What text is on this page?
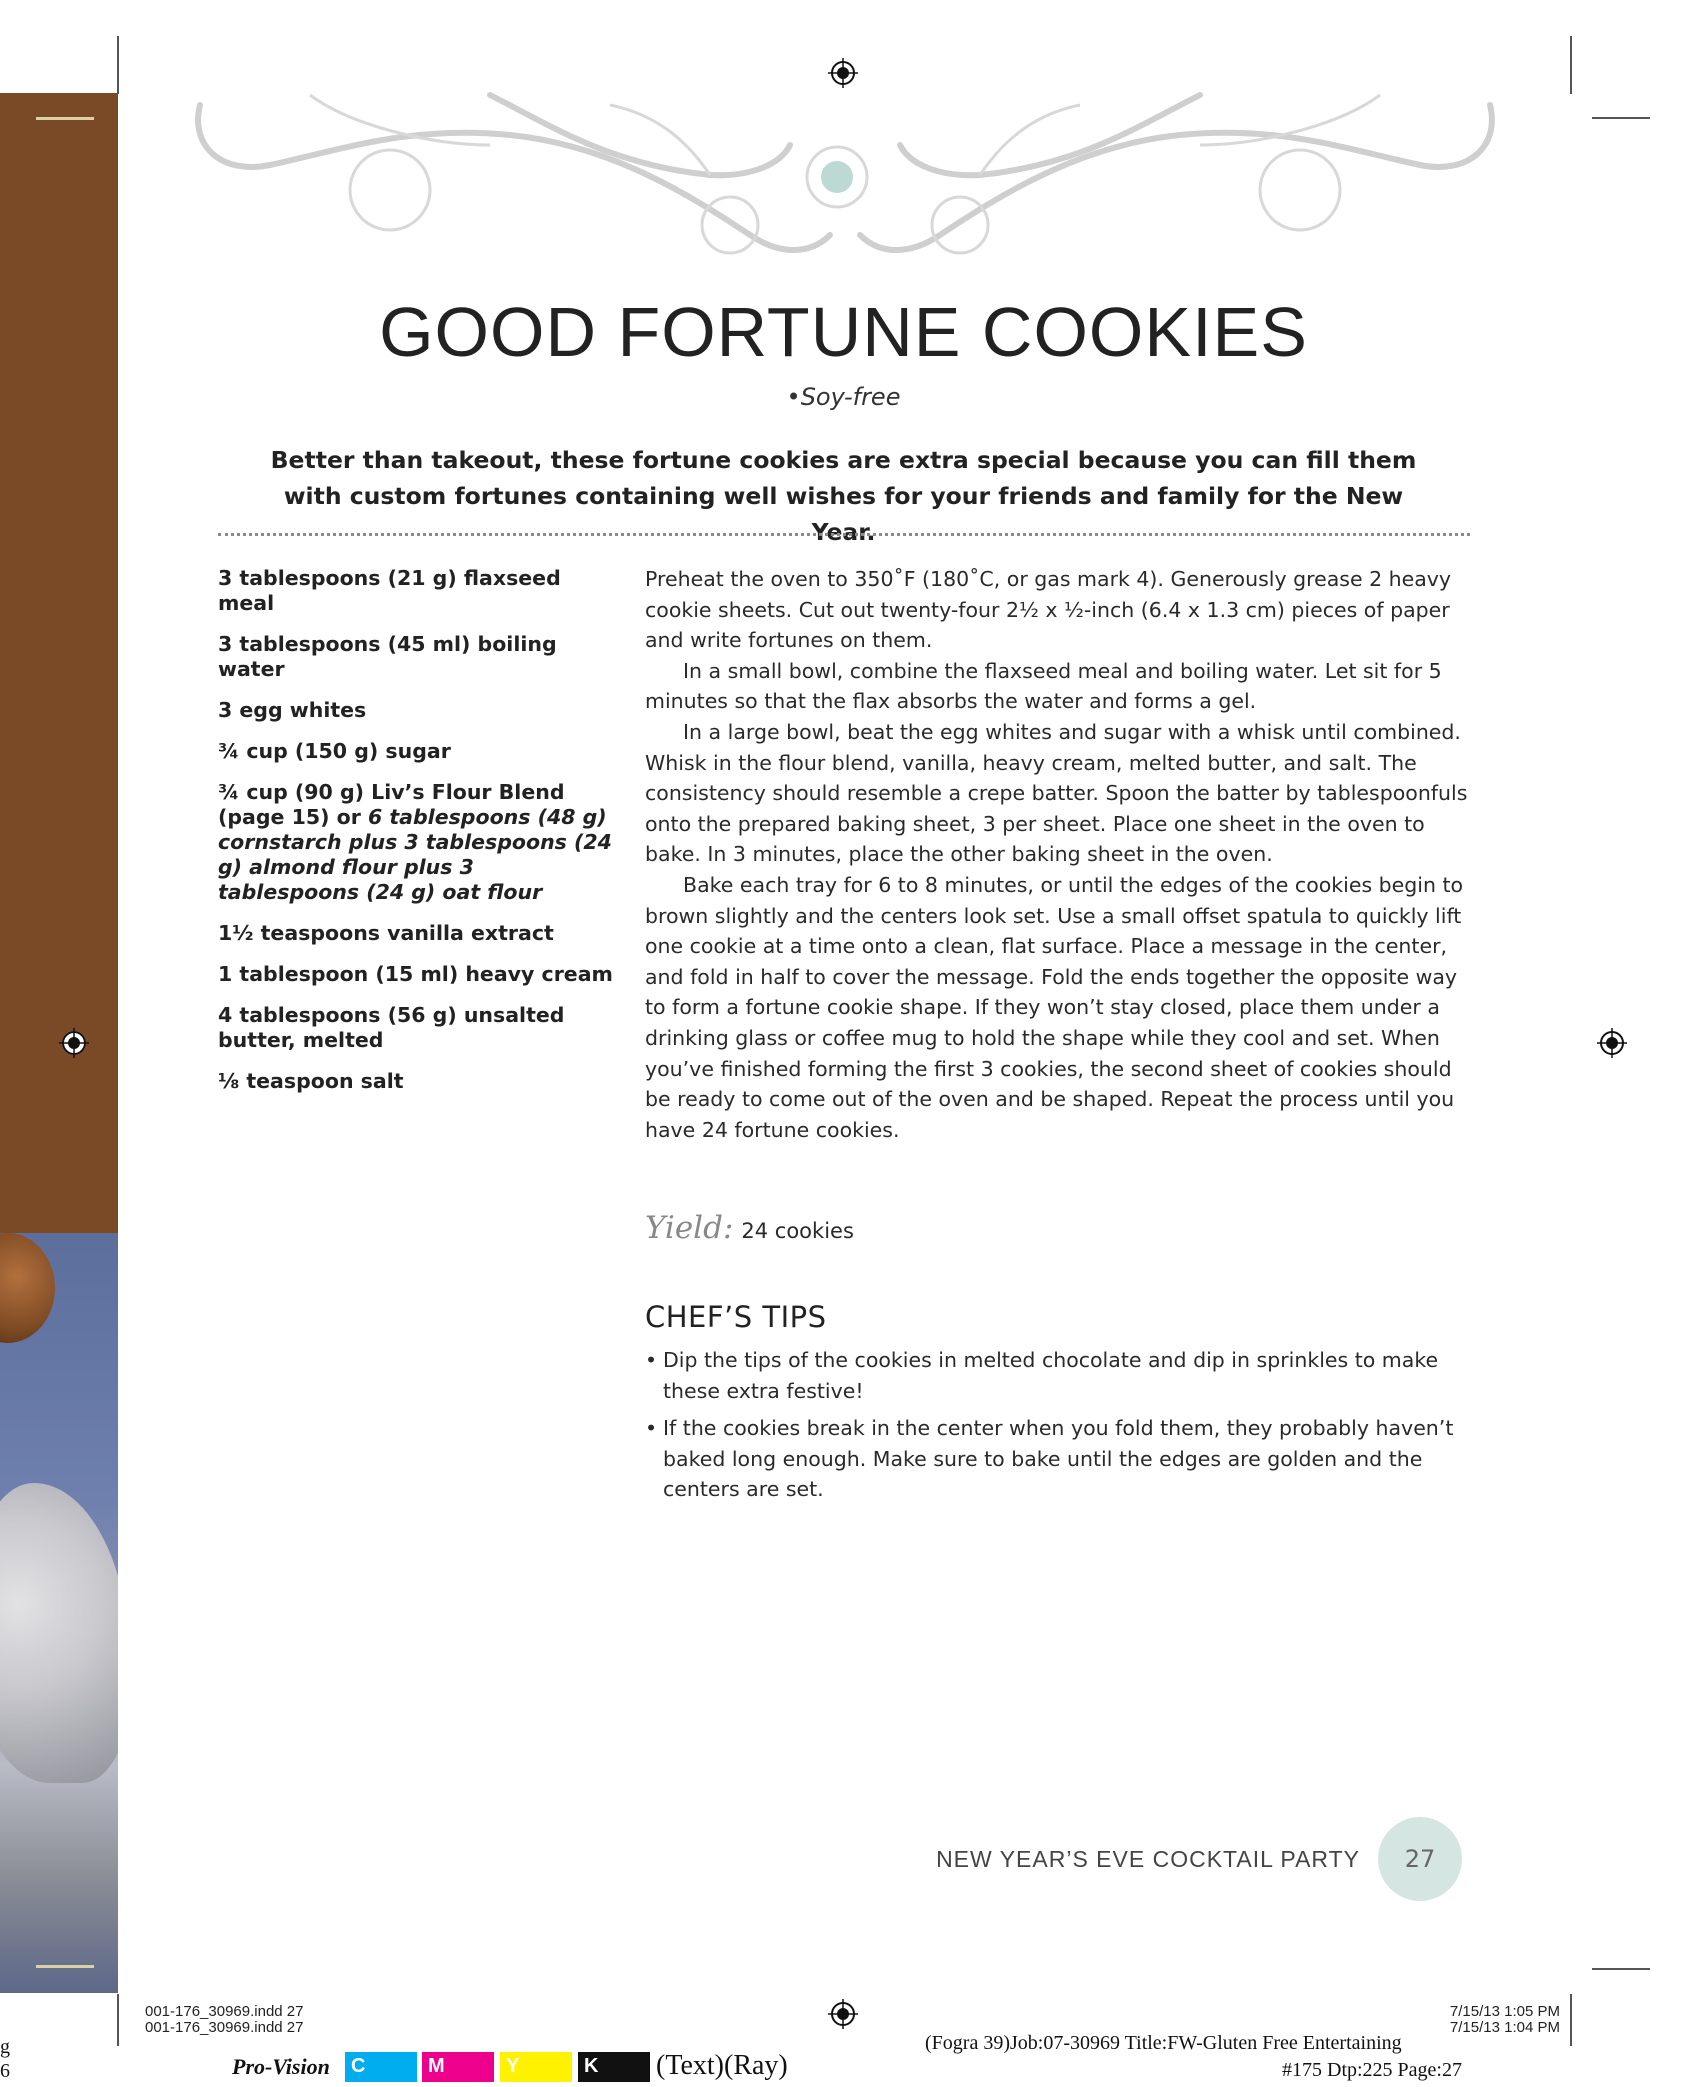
GOOD FORTUNE COOKIES
•Soy-free
Better than takeout, these fortune cookies are extra special because you can fill them with custom fortunes containing well wishes for your friends and family for the New Year.
3 tablespoons (21 g) flaxseed meal
3 tablespoons (45 ml) boiling water
3 egg whites
¾ cup (150 g) sugar
¾ cup (90 g) Liv’s Flour Blend (page 15) or 6 tablespoons (48 g) cornstarch plus 3 tablespoons (24 g) almond flour plus 3 tablespoons (24 g) oat flour
1½ teaspoons vanilla extract
1 tablespoon (15 ml) heavy cream
4 tablespoons (56 g) unsalted butter, melted
⅛ teaspoon salt

Preheat the oven to 350˚F (180˚C, or gas mark 4). Generously grease 2 heavy cookie sheets. Cut out twenty-four 2½ x ½-inch (6.4 x 1.3 cm) pieces of paper and write fortunes on them.

In a small bowl, combine the flaxseed meal and boiling water. Let sit for 5 minutes so that the flax absorbs the water and forms a gel.

In a large bowl, beat the egg whites and sugar with a whisk until combined. Whisk in the flour blend, vanilla, heavy cream, melted butter, and salt. The consistency should resemble a crepe batter. Spoon the batter by tablespoonfuls onto the prepared baking sheet, 3 per sheet. Place one sheet in the oven to bake. In 3 minutes, place the other baking sheet in the oven.

Bake each tray for 6 to 8 minutes, or until the edges of the cookies begin to brown slightly and the centers look set. Use a small offset spatula to quickly lift one cookie at a time onto a clean, flat surface. Place a message in the center, and fold in half to cover the message. Fold the ends together the opposite way to form a fortune cookie shape. If they won’t stay closed, place them under a drinking glass or coffee mug to hold the shape while they cool and set. When you’ve finished forming the first 3 cookies, the second sheet of cookies should be ready to come out of the oven and be shaped. Repeat the process until you have 24 fortune cookies.

Yield: 24 cookies
CHEF’S TIPS
• Dip the tips of the cookies in melted chocolate and dip in sprinkles to make these extra festive!
• If the cookies break in the center when you fold them, they probably haven’t baked long enough. Make sure to bake until the edges are golden and the centers are set.
NEW YEAR’S EVE COCKTAIL PARTY	27
001-176_30969.indd 27
001-176_30969.indd 27
7/15/13 1:05 PM
7/15/13 1:04 PM
(Fogra 39)Job:07-30969 Title:FW-Gluten Free Entertaining
#175 Dtp:225 Page:27
Pro-Vision	C	M	Y	K	(Text)(Ray)
g
6
